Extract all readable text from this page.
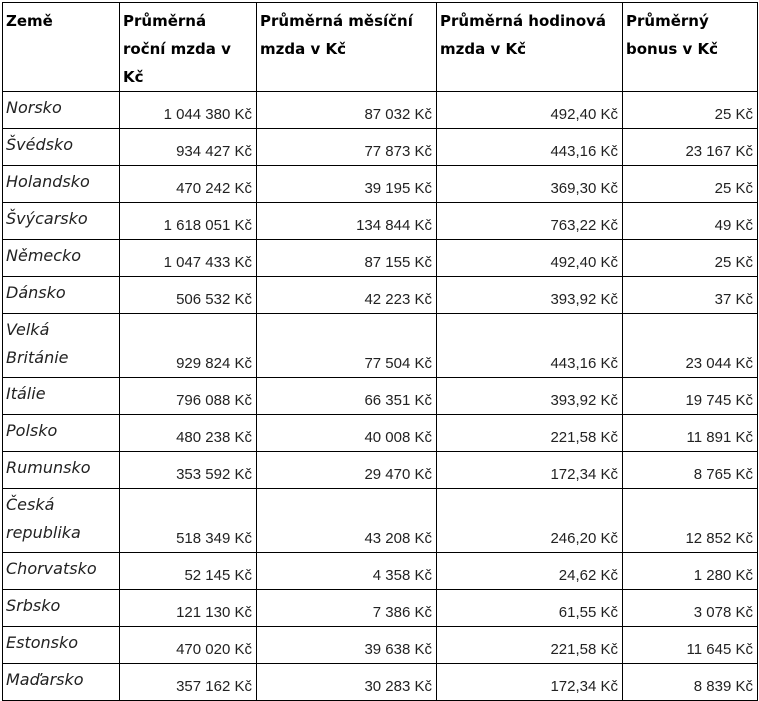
Země	Průměrná roční mzda v Kč	Průměrná měsíční mzda v Kč	Průměrná hodinová mzda v Kč	Průměrný bonus v Kč
Norsko	1 044 380 Kč	87 032 Kč	492,40 Kč	25 Kč
Švédsko	934 427 Kč	77 873 Kč	443,16 Kč	23 167 Kč
Holandsko	470 242 Kč	39 195 Kč	369,30 Kč	25 Kč
Švýcarsko	1 618 051 Kč	134 844 Kč	763,22 Kč	49 Kč
Německo	1 047 433 Kč	87 155 Kč	492,40 Kč	25 Kč
Dánsko	506 532 Kč	42 223 Kč	393,92 Kč	37 Kč
Velká Británie	929 824 Kč	77 504 Kč	443,16 Kč	23 044 Kč
Itálie	796 088 Kč	66 351 Kč	393,92 Kč	19 745 Kč
Polsko	480 238 Kč	40 008 Kč	221,58 Kč	11 891 Kč
Rumunsko	353 592 Kč	29 470 Kč	172,34 Kč	8 765 Kč
Česká republika	518 349 Kč	43 208 Kč	246,20 Kč	12 852 Kč
Chorvatsko	52 145 Kč	4 358 Kč	24,62 Kč	1 280 Kč
Srbsko	121 130 Kč	7 386 Kč	61,55 Kč	3 078 Kč
Estonsko	470 020 Kč	39 638 Kč	221,58 Kč	11 645 Kč
Maďarsko	357 162 Kč	30 283 Kč	172,34 Kč	8 839 Kč
